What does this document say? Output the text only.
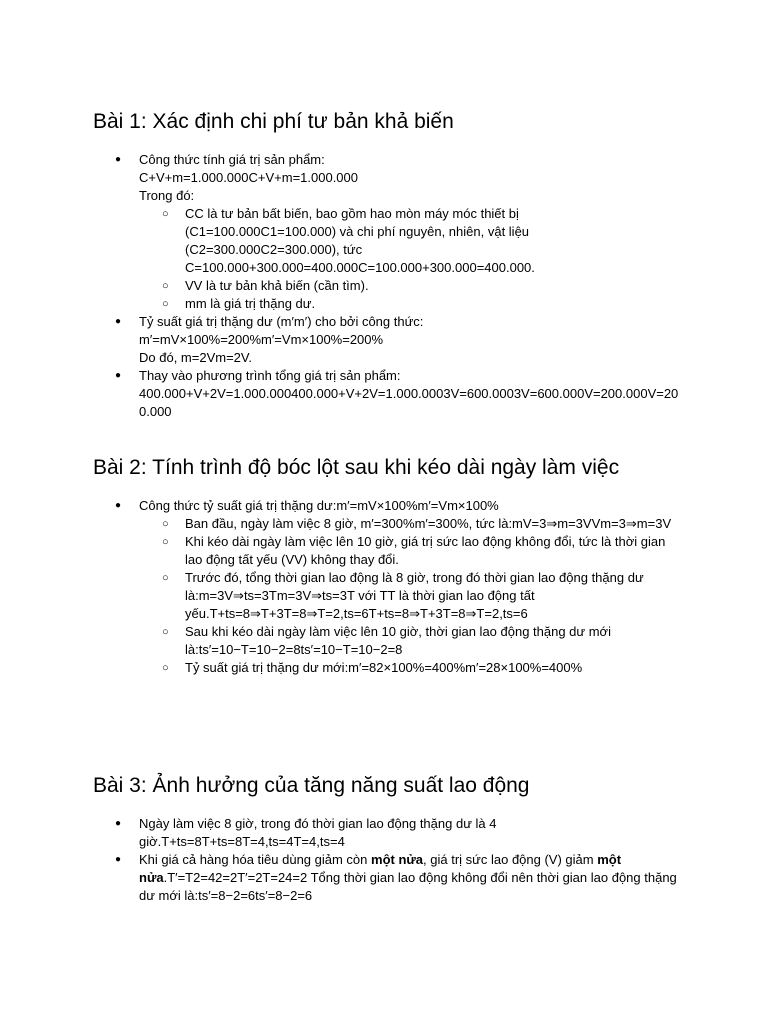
Bài 1: Xác định chi phí tư bản khả biến
● Công thức tính giá trị sản phẩm:
C+V+m=1.000.000C+V+m=1.000.000
Trong đó:
○ CC là tư bản bất biến, bao gồm hao mòn máy móc thiết bị
(C1=100.000C1=100.000) và chi phí nguyên, nhiên, vật liệu
(C2=300.000C2=300.000), tức
C=100.000+300.000=400.000C=100.000+300.000=400.000.
○ VV là tư bản khả biến (cần tìm).
○ mm là giá trị thặng dư.
● Tỷ suất giá trị thặng dư (m′m′) cho bởi công thức:
m′=mV×100%=200%m′=Vm×100%=200%
Do đó, m=2Vm=2V.
● Thay vào phương trình tổng giá trị sản phẩm:
400.000+V+2V=1.000.000400.000+V+2V=1.000.0003V=600.0003V=600.000V=200.000V=200.000
Bài 2: Tính trình độ bóc lột sau khi kéo dài ngày làm việc
● Công thức tỷ suất giá trị thặng dư:m′=mV×100%m′=Vm×100%
○ Ban đầu, ngày làm việc 8 giờ, m′=300%m′=300%, tức là:mV=3⇒m=3VVm=3⇒m=3V
○ Khi kéo dài ngày làm việc lên 10 giờ, giá trị sức lao động không đổi, tức là thời gian lao động tất yếu (VV) không thay đổi.
○ Trước đó, tổng thời gian lao động là 8 giờ, trong đó thời gian lao động thặng dư là:m=3V⇒ts=3Tm=3V⇒ts=3T với TT là thời gian lao động tất yếu.T+ts=8⇒T+3T=8⇒T=2,ts=6T+ts=8⇒T+3T=8⇒T=2,ts=6
○ Sau khi kéo dài ngày làm việc lên 10 giờ, thời gian lao động thặng dư mới là:ts′=10−T=10−2=8ts′=10−T=10−2=8
○ Tỷ suất giá trị thặng dư mới:m′=82×100%=400%m′=28×100%=400%
Bài 3: Ảnh hưởng của tăng năng suất lao động
● Ngày làm việc 8 giờ, trong đó thời gian lao động thặng dư là 4 giờ.T+ts=8T+ts=8T=4,ts=4T=4,ts=4
● Khi giá cả hàng hóa tiêu dùng giảm còn một nửa, giá trị sức lao động (V) giảm một nửa.T′=T2=42=2T′=2T=24=2 Tổng thời gian lao động không đổi nên thời gian lao động thặng dư mới là:ts′=8−2=6ts′=8−2=6
